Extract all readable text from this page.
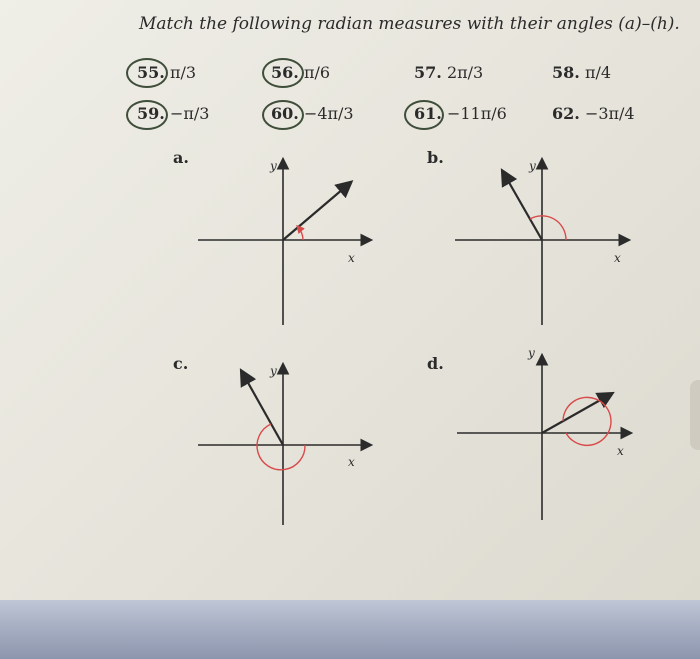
Match the following radian measures with their angles (a)–(h).
55. π/3	56. π/6	57. 2π/3	58. π/4
59. −π/3	60. −4π/3	61. −11π/6	62. −3π/4
a.	b.
c.	d.
y
x
y
x
y
x
y
x
